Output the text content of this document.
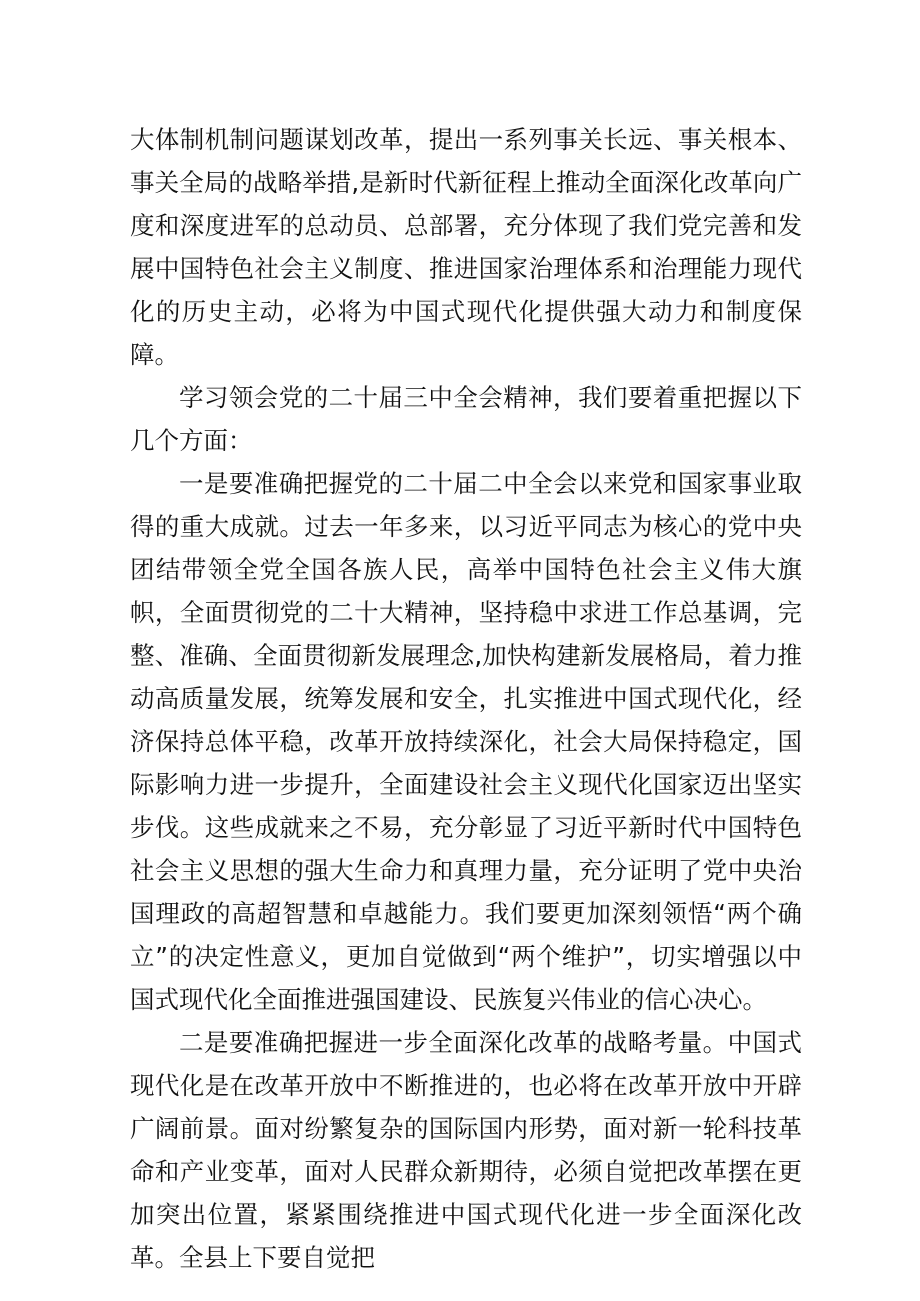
大体制机制问题谋划改革，提出一系列事关长远、事关根本、事关全局的战略举措,是新时代新征程上推动全面深化改革向广度和深度进军的总动员、总部署，充分体现了我们党完善和发展中国特色社会主义制度、推进国家治理体系和治理能力现代化的历史主动，必将为中国式现代化提供强大动力和制度保障。

学习领会党的二十届三中全会精神，我们要着重把握以下几个方面：

一是要准确把握党的二十届二中全会以来党和国家事业取得的重大成就。过去一年多来，以习近平同志为核心的党中央团结带领全党全国各族人民，高举中国特色社会主义伟大旗帜，全面贯彻党的二十大精神，坚持稳中求进工作总基调，完整、准确、全面贯彻新发展理念,加快构建新发展格局，着力推动高质量发展，统筹发展和安全，扎实推进中国式现代化，经济保持总体平稳，改革开放持续深化，社会大局保持稳定，国际影响力进一步提升，全面建设社会主义现代化国家迈出坚实步伐。这些成就来之不易，充分彰显了习近平新时代中国特色社会主义思想的强大生命力和真理力量，充分证明了党中央治国理政的高超智慧和卓越能力。我们要更加深刻领悟“两个确立”的决定性意义，更加自觉做到“两个维护”，切实增强以中国式现代化全面推进强国建设、民族复兴伟业的信心决心。

二是要准确把握进一步全面深化改革的战略考量。中国式现代化是在改革开放中不断推进的，也必将在改革开放中开辟广阔前景。面对纷繁复杂的国际国内形势，面对新一轮科技革命和产业变革，面对人民群众新期待，必须自觉把改革摆在更加突出位置，紧紧围绕推进中国式现代化进一步全面深化改革。全县上下要自觉把
